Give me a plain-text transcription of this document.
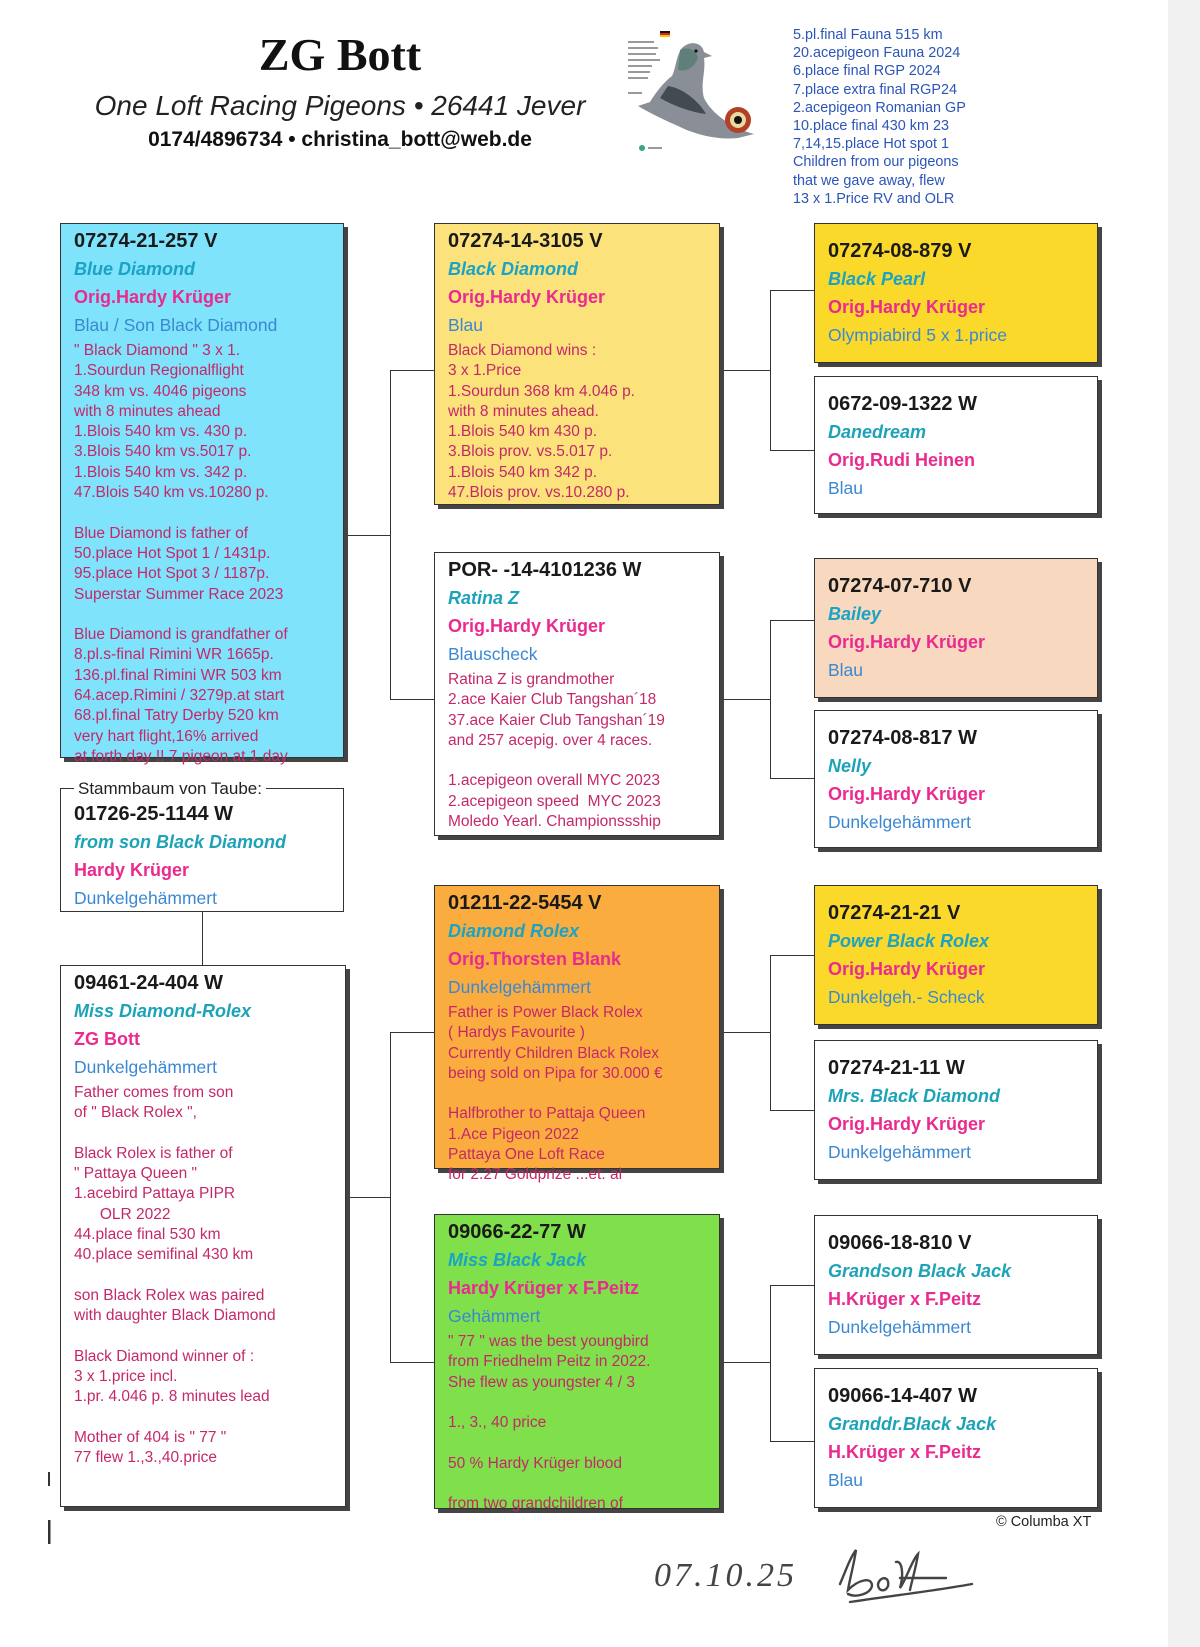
ZG Bott
One Loft Racing Pigeons • 26441 Jever
0174/4896734 • christina_bott@web.de
5.pl.final Fauna 515 km
20.acepigeon Fauna 2024
6.place final RGP 2024
7.place extra final RGP24
2.acepigeon Romanian GP
10.place final 430 km 23
7,14,15.place Hot spot 1
Children from our pigeons
that we gave away, flew
13 x 1.Price RV and OLR
07274-21-257 V
Blue Diamond
Orig.Hardy Krüger
Blau / Son Black Diamond
" Black Diamond " 3 x 1.
1.Sourdun Regionalflight
348 km vs. 4046 pigeons
with 8 minutes ahead
1.Blois 540 km vs. 430 p.
3.Blois 540 km vs.5017 p.
1.Blois 540 km vs. 342 p.
47.Blois 540 km vs.10280 p.
Blue Diamond is father of
50.place Hot Spot 1 / 1431p.
95.place Hot Spot 3 / 1187p.
Superstar Summer Race 2023
Blue Diamond is grandfather of
8.pl.s-final Rimini WR 1665p.
136.pl.final Rimini WR 503 km
64.acep.Rimini / 3279p.at start
68.pl.final Tatry Derby 520 km
very hart flight,16% arrived
at forth day !! 7 pigeon at 1 day
01726-25-1144 W
from son Black Diamond
Hardy Krüger
Dunkelgehämmert
Stammbaum von Taube:
09461-24-404 W
Miss Diamond-Rolex
ZG Bott
Dunkelgehämmert
Father comes from son
of " Black Rolex ",
Black Rolex is father of
" Pattaya Queen "
1.acebird Pattaya PIPR
OLR 2022
44.place final 530 km
40.place semifinal 430 km
son Black Rolex was paired
with daughter Black Diamond
Black Diamond winner of :
3 x 1.price incl.
1.pr. 4.046 p. 8 minutes lead
Mother of 404 is " 77 "
77 flew 1.,3.,40.price
07274-14-3105 V
Black Diamond
Orig.Hardy Krüger
Blau
Black Diamond wins :
3 x 1.Price
1.Sourdun 368 km 4.046 p.
with 8 minutes ahead.
1.Blois 540 km 430 p.
3.Blois prov. vs.5.017 p.
1.Blois 540 km 342 p.
47.Blois prov. vs.10.280 p.
POR- -14-4101236 W
Ratina Z
Orig.Hardy Krüger
Blauscheck
Ratina Z is grandmother
2.ace Kaier Club Tangshan´18
37.ace Kaier Club Tangshan´19
and 257 acepig. over 4 races.
1.acepigeon overall MYC 2023
2.acepigeon speed  MYC 2023
Moledo Yearl. Championssship
01211-22-5454 V
Diamond Rolex
Orig.Thorsten Blank
Dunkelgehämmert
Father is Power Black Rolex
( Hardys Favourite )
Currently Children Black Rolex
being sold on Pipa for 30.000 €
Halfbrother to Pattaja Queen
1.Ace Pigeon 2022
Pattaya One Loft Race
for 2.27 Goldprize ...et. al
09066-22-77 W
Miss Black Jack
Hardy Krüger x F.Peitz
Gehämmert
" 77 " was the best youngbird
from Friedhelm Peitz in 2022.
She flew as youngster 4 / 3
1., 3., 40 price
50 % Hardy Krüger blood
from two grandchildren of
07274-08-879 V
Black Pearl
Orig.Hardy Krüger
Olympiabird 5 x 1.price
0672-09-1322 W
Danedream
Orig.Rudi Heinen
Blau
07274-07-710 V
Bailey
Orig.Hardy Krüger
Blau
07274-08-817 W
Nelly
Orig.Hardy Krüger
Dunkelgehämmert
07274-21-21 V
Power Black Rolex
Orig.Hardy Krüger
Dunkelgeh.- Scheck
07274-21-11 W
Mrs. Black Diamond
Orig.Hardy Krüger
Dunkelgehämmert
09066-18-810 V
Grandson Black Jack
H.Krüger x F.Peitz
Dunkelgehämmert
09066-14-407 W
Granddr.Black Jack
H.Krüger x F.Peitz
Blau
© Columba XT
07.10.25
